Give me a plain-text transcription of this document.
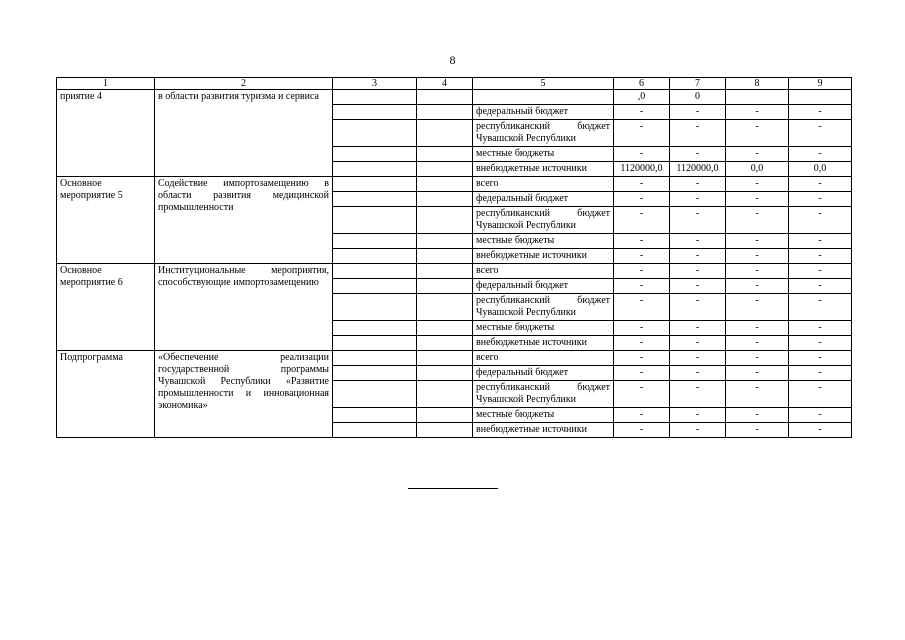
8
1	2	3	4	5	6	7	8	9
приятие 4	в области развития туризма и сервиса				,0	0		
				федеральный бюджет	-	-	-	-
				республиканский бюджет Чувашской Республики	-	-	-	-
				местные бюджеты	-	-	-	-
				внебюджетные источники	1120000,0	1120000,0	0,0	0,0
Основное мероприятие 5	Содействие импортозамещению в области развития медицинской промышленности			всего	-	-	-	-
				федеральный бюджет	-	-	-	-
				республиканский бюджет Чувашской Республики	-	-	-	-
				местные бюджеты	-	-	-	-
				внебюджетные источники	-	-	-	-
Основное мероприятие 6	Институциональные мероприятия, способствующие импортозамещению			всего	-	-	-	-
				федеральный бюджет	-	-	-	-
				республиканский бюджет Чувашской Республики	-	-	-	-
				местные бюджеты	-	-	-	-
				внебюджетные источники	-	-	-	-
Подпрограмма	«Обеспечение реализации государственной программы Чувашской Республики «Развитие промышленности и инновационная экономика»			всего	-	-	-	-
				федеральный бюджет	-	-	-	-
				республиканский бюджет Чувашской Республики	-	-	-	-
				местные бюджеты	-	-	-	-
				внебюджетные источники	-	-	-	-
